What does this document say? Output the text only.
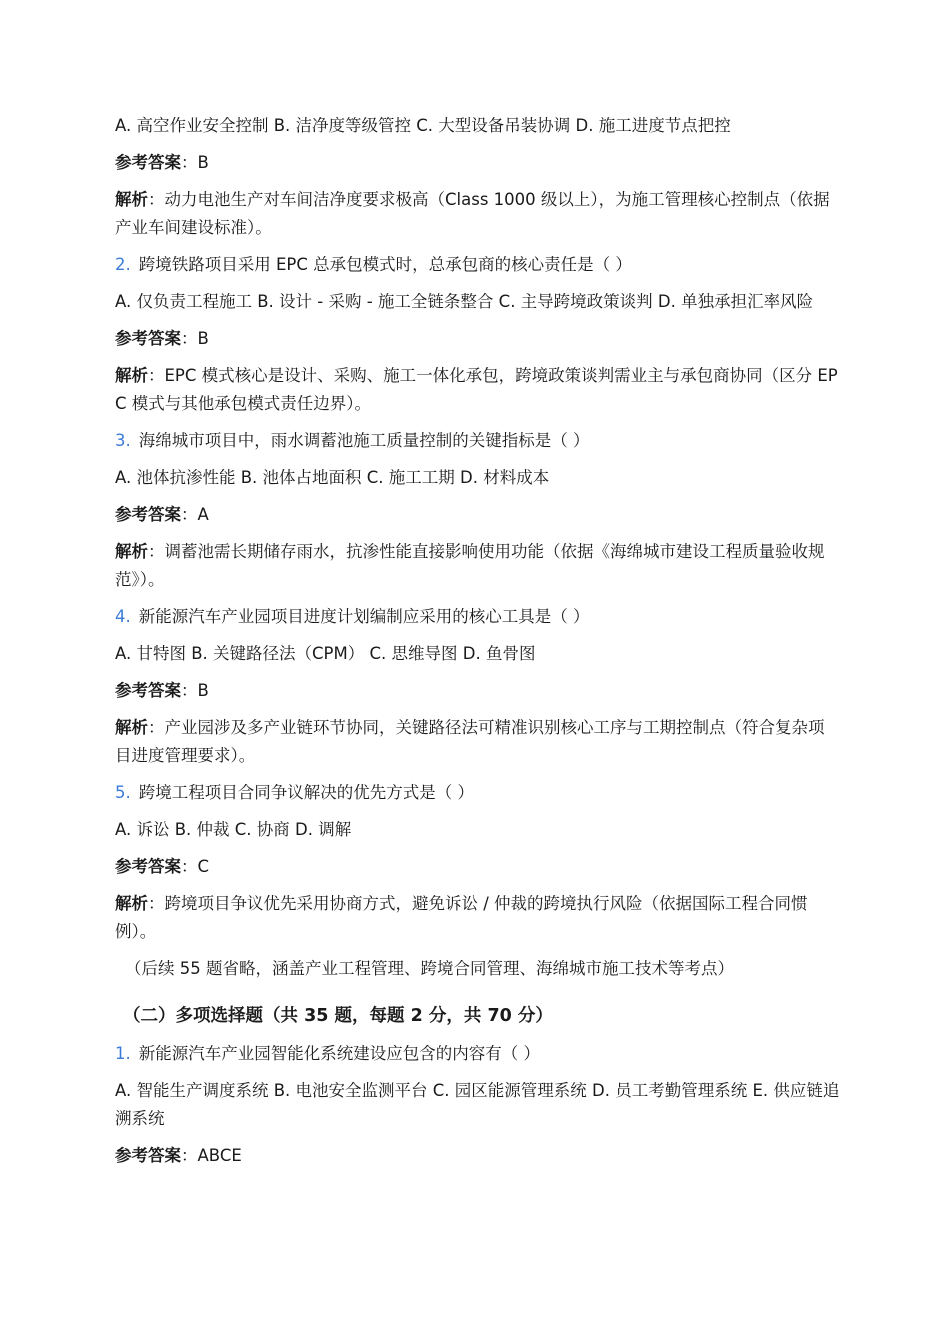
A. 高空作业安全控制 B. 洁净度等级管控 C. 大型设备吊装协调 D. 施工进度节点把控

参考答案：B

解析：动力电池生产对车间洁净度要求极高（Class 1000 级以上），为施工管理核心控制点（依据产业车间建设标准）。

2. 跨境铁路项目采用 EPC 总承包模式时，总承包商的核心责任是（ ）

A. 仅负责工程施工 B. 设计 - 采购 - 施工全链条整合 C. 主导跨境政策谈判 D. 单独承担汇率风险

参考答案：B

解析：EPC 模式核心是设计、采购、施工一体化承包，跨境政策谈判需业主与承包商协同（区分 EPC 模式与其他承包模式责任边界）。

3. 海绵城市项目中，雨水调蓄池施工质量控制的关键指标是（ ）

A. 池体抗渗性能 B. 池体占地面积 C. 施工工期 D. 材料成本

参考答案：A

解析：调蓄池需长期储存雨水，抗渗性能直接影响使用功能（依据《海绵城市建设工程质量验收规范》）。

4. 新能源汽车产业园项目进度计划编制应采用的核心工具是（ ）

A. 甘特图 B. 关键路径法（CPM） C. 思维导图 D. 鱼骨图

参考答案：B

解析：产业园涉及多产业链环节协同，关键路径法可精准识别核心工序与工期控制点（符合复杂项目进度管理要求）。

5. 跨境工程项目合同争议解决的优先方式是（ ）

A. 诉讼 B. 仲裁 C. 协商 D. 调解

参考答案：C

解析：跨境项目争议优先采用协商方式，避免诉讼 / 仲裁的跨境执行风险（依据国际工程合同惯例）。

（后续 55 题省略，涵盖产业工程管理、跨境合同管理、海绵城市施工技术等考点）

（二）多项选择题（共 35 题，每题 2 分，共 70 分）

1. 新能源汽车产业园智能化系统建设应包含的内容有（ ）

A. 智能生产调度系统 B. 电池安全监测平台 C. 园区能源管理系统 D. 员工考勤管理系统 E. 供应链追溯系统

参考答案：ABCE
